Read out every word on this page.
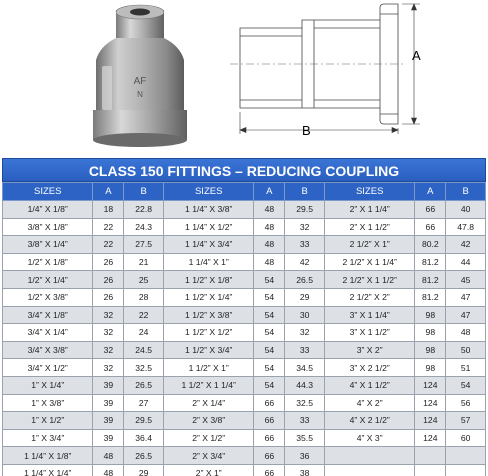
AF
N
A
B
CLASS 150 FITTINGS – REDUCING COUPLING
SIZES	A	B	SIZES	A	B	SIZES	A	B
1/4” X 1/8”	18	22.8	1 1/4” X 3/8”	48	29.5	2” X 1 1/4”	66	40
3/8” X 1/8”	22	24.3	1 1/4” X 1/2”	48	32	2” X 1 1/2”	66	47.8
3/8” X 1/4”	22	27.5	1 1/4” X 3/4”	48	33	2 1/2” X 1”	80.2	42
1/2” X 1/8”	26	21	1 1/4” X 1”	48	42	2 1/2” X 1 1/4”	81.2	44
1/2” X 1/4”	26	25	1 1/2” X 1/8”	54	26.5	2 1/2” X 1 1/2”	81.2	45
1/2” X 3/8”	26	28	1 1/2” X 1/4”	54	29	2 1/2” X 2”	81.2	47
3/4” X 1/8”	32	22	1 1/2” X 3/8”	54	30	3” X 1 1/4”	98	47
3/4” X 1/4”	32	24	1 1/2” X 1/2”	54	32	3” X 1 1/2”	98	48
3/4” X 3/8”	32	24.5	1 1/2” X 3/4”	54	33	3” X 2”	98	50
3/4” X 1/2”	32	32.5	1 1/2” X 1”	54	34.5	3” X 2 1/2”	98	51
1” X 1/4”	39	26.5	1 1/2” X 1 1/4”	54	44.3	4” X 1 1/2”	124	54
1” X 3/8”	39	27	2” X 1/4”	66	32.5	4” X 2”	124	56
1” X 1/2”	39	29.5	2” X 3/8”	66	33	4” X 2 1/2”	124	57
1” X 3/4”	39	36.4	2” X 1/2”	66	35.5	4” X 3”	124	60
1 1/4” X 1/8”	48	26.5	2” X 3/4”	66	36			
1 1/4” X 1/4”	48	29	2” X 1”	66	38			
